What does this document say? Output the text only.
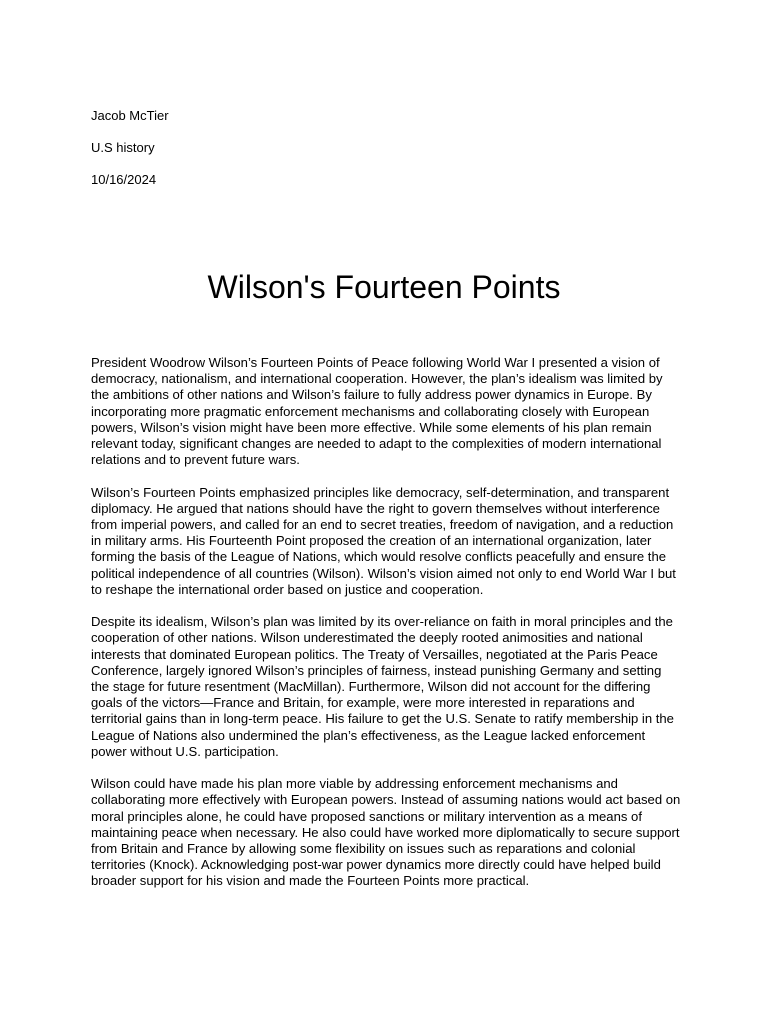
Jacob McTier
U.S history
10/16/2024
Wilson's Fourteen Points

President Woodrow Wilson’s Fourteen Points of Peace following World War I presented a vision of democracy, nationalism, and international cooperation. However, the plan’s idealism was limited by the ambitions of other nations and Wilson’s failure to fully address power dynamics in Europe. By incorporating more pragmatic enforcement mechanisms and collaborating closely with European powers, Wilson’s vision might have been more effective. While some elements of his plan remain relevant today, significant changes are needed to adapt to the complexities of modern international relations and to prevent future wars.

Wilson’s Fourteen Points emphasized principles like democracy, self-determination, and transparent diplomacy. He argued that nations should have the right to govern themselves without interference from imperial powers, and called for an end to secret treaties, freedom of navigation, and a reduction in military arms. His Fourteenth Point proposed the creation of an international organization, later forming the basis of the League of Nations, which would resolve conflicts peacefully and ensure the political independence of all countries (Wilson). Wilson’s vision aimed not only to end World War I but to reshape the international order based on justice and cooperation.

Despite its idealism, Wilson’s plan was limited by its over-reliance on faith in moral principles and the cooperation of other nations. Wilson underestimated the deeply rooted animosities and national interests that dominated European politics. The Treaty of Versailles, negotiated at the Paris Peace Conference, largely ignored Wilson’s principles of fairness, instead punishing Germany and setting the stage for future resentment (MacMillan). Furthermore, Wilson did not account for the differing goals of the victors—France and Britain, for example, were more interested in reparations and territorial gains than in long-term peace. His failure to get the U.S. Senate to ratify membership in the League of Nations also undermined the plan’s effectiveness, as the League lacked enforcement power without U.S. participation.

Wilson could have made his plan more viable by addressing enforcement mechanisms and collaborating more effectively with European powers. Instead of assuming nations would act based on moral principles alone, he could have proposed sanctions or military intervention as a means of maintaining peace when necessary. He also could have worked more diplomatically to secure support from Britain and France by allowing some flexibility on issues such as reparations and colonial territories (Knock). Acknowledging post-war power dynamics more directly could have helped build broader support for his vision and made the Fourteen Points more practical.
